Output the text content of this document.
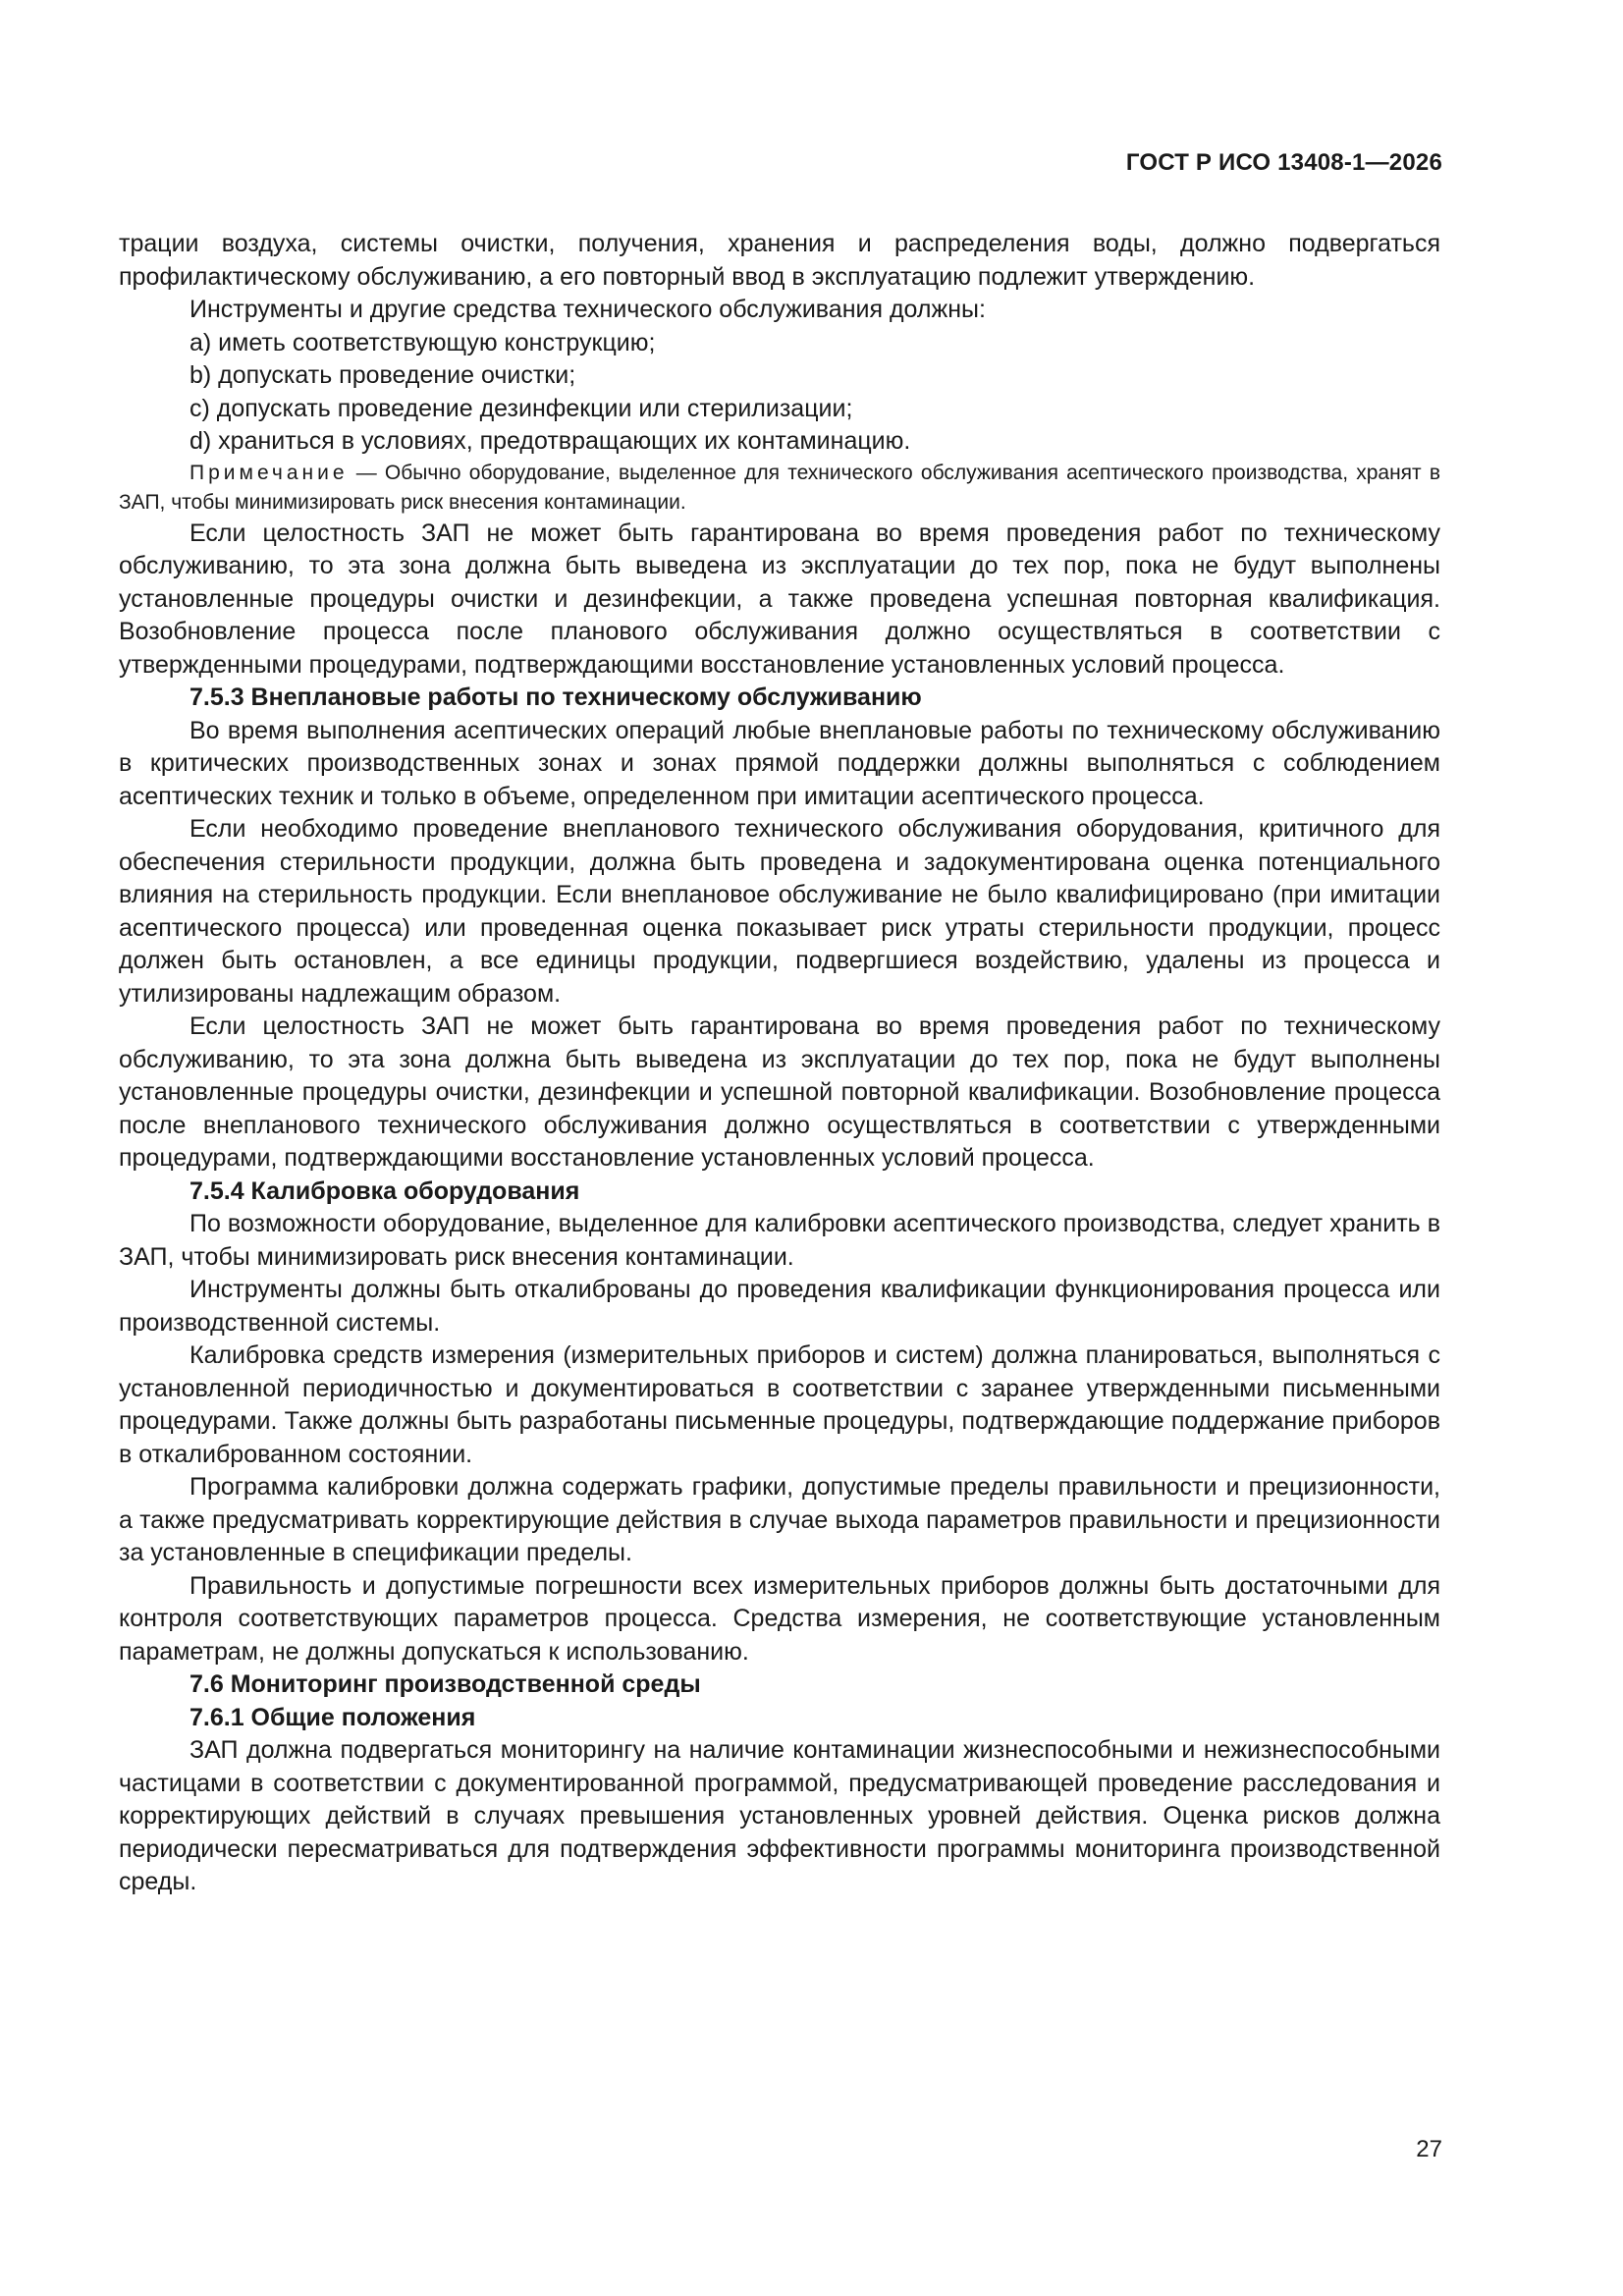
ГОСТ Р ИСО 13408-1—2026

трации воздуха, системы очистки, получения, хранения и распределения воды, должно подвергаться профилактическому обслуживанию, а его повторный ввод в эксплуатацию подлежит утверждению.

Инструменты и другие средства технического обслуживания должны:

a) иметь соответствующую конструкцию;

b) допускать проведение очистки;

c) допускать проведение дезинфекции или стерилизации;

d) храниться в условиях, предотвращающих их контаминацию.

Примечание — Обычно оборудование, выделенное для технического обслуживания асептического производства, хранят в ЗАП, чтобы минимизировать риск внесения контаминации.

Если целостность ЗАП не может быть гарантирована во время проведения работ по техническому обслуживанию, то эта зона должна быть выведена из эксплуатации до тех пор, пока не будут выполнены установленные процедуры очистки и дезинфекции, а также проведена успешная повторная квалификация. Возобновление процесса после планового обслуживания должно осуществляться в соответствии с утвержденными процедурами, подтверждающими восстановление установленных условий процесса.

7.5.3 Внеплановые работы по техническому обслуживанию

Во время выполнения асептических операций любые внеплановые работы по техническому обслуживанию в критических производственных зонах и зонах прямой поддержки должны выполняться с соблюдением асептических техник и только в объеме, определенном при имитации асептического процесса.

Если необходимо проведение внепланового технического обслуживания оборудования, критичного для обеспечения стерильности продукции, должна быть проведена и задокументирована оценка потенциального влияния на стерильность продукции. Если внеплановое обслуживание не было квалифицировано (при имитации асептического процесса) или проведенная оценка показывает риск утраты стерильности продукции, процесс должен быть остановлен, а все единицы продукции, подвергшиеся воздействию, удалены из процесса и утилизированы надлежащим образом.

Если целостность ЗАП не может быть гарантирована во время проведения работ по техническому обслуживанию, то эта зона должна быть выведена из эксплуатации до тех пор, пока не будут выполнены установленные процедуры очистки, дезинфекции и успешной повторной квалификации. Возобновление процесса после внепланового технического обслуживания должно осуществляться в соответствии с утвержденными процедурами, подтверждающими восстановление установленных условий процесса.

7.5.4 Калибровка оборудования

По возможности оборудование, выделенное для калибровки асептического производства, следует хранить в ЗАП, чтобы минимизировать риск внесения контаминации.

Инструменты должны быть откалиброваны до проведения квалификации функционирования процесса или производственной системы.

Калибровка средств измерения (измерительных приборов и систем) должна планироваться, выполняться с установленной периодичностью и документироваться в соответствии с заранее утвержденными письменными процедурами. Также должны быть разработаны письменные процедуры, подтверждающие поддержание приборов в откалиброванном состоянии.

Программа калибровки должна содержать графики, допустимые пределы правильности и прецизионности, а также предусматривать корректирующие действия в случае выхода параметров правильности и прецизионности за установленные в спецификации пределы.

Правильность и допустимые погрешности всех измерительных приборов должны быть достаточными для контроля соответствующих параметров процесса. Средства измерения, не соответствующие установленным параметрам, не должны допускаться к использованию.

7.6 Мониторинг производственной среды

7.6.1 Общие положения

ЗАП должна подвергаться мониторингу на наличие контаминации жизнеспособными и нежизнеспособными частицами в соответствии с документированной программой, предусматривающей проведение расследования и корректирующих действий в случаях превышения установленных уровней действия. Оценка рисков должна периодически пересматриваться для подтверждения эффективности программы мониторинга производственной среды.

27
